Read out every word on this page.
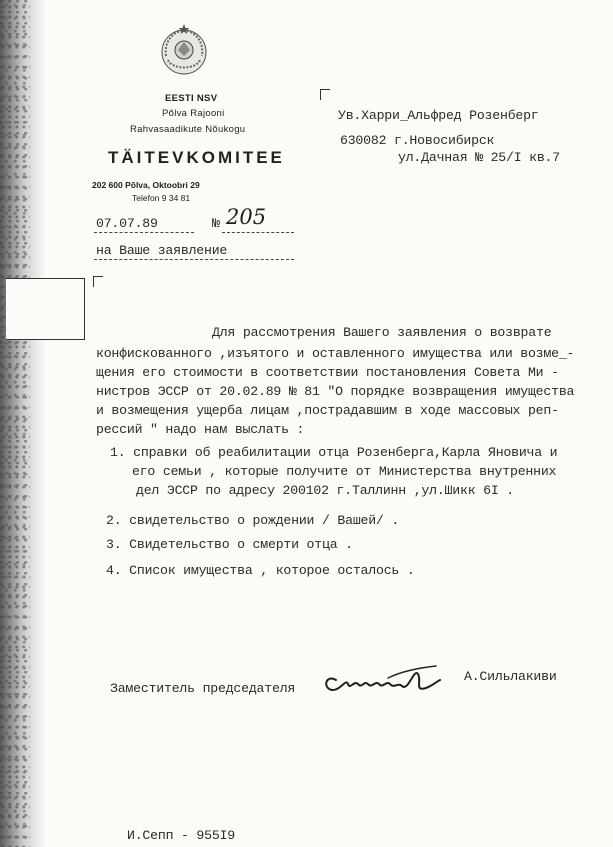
EESTI NSV
Põlva Rajooni
Rahvasaadikute Nõukogu
TÄITEVKOMITEE
202 600 Põlva, Oktoobri 29
Telefon 9 34 81
Ув.Харри_Альфред Розенберг
630082 г.Новосибирск
ул.Дачная № 25/I кв.7
07.07.89	№ 205
на Ваше заявление
Для рассмотрения Вашего заявления о возврате
конфискованного ,изъятого и оставленного имущества или возме_-
щения его стоимости в соответствии постановления Совета Ми -
нистров ЭССР от 20.02.89 № 81 "О порядке возвращения имущества
и возмещения ущерба лицам ,пострадавшим в ходе массовых реп-
рессий " надо нам выслать :
1. справки об реабилитации отца Розенберга,Карла Яновича и
его семьи , которые получите от Министерства внутренних
дел ЭССР по адресу 200102 г.Таллинн ,ул.Шикк 6I .
2. свидетельство о рождении / Вашей/ .
3. Свидетельство о смерти отца .
4. Список имущества , которое осталось .
Заместитель председателя
А.Сильлакиви
И.Сепп - 955I9
